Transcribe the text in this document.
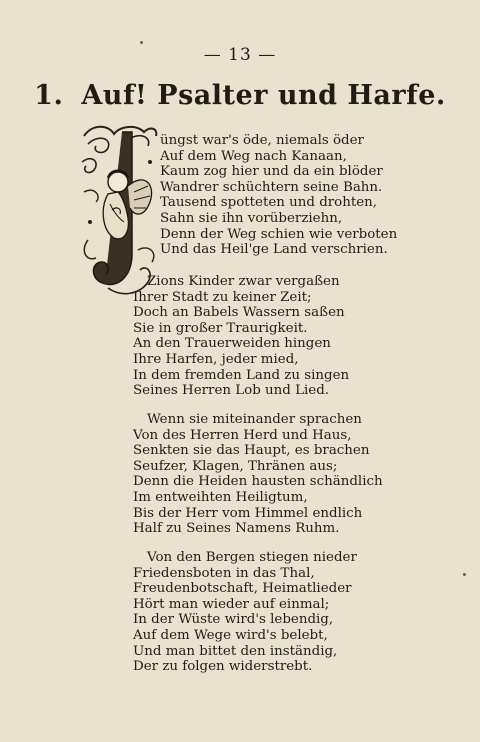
— 13 —
1. Auf! Psalter und Harfe.
üngst war's öde, niemals öder
Auf dem Weg nach Kanaan,
Kaum zog hier und da ein blöder
Wandrer schüchtern seine Bahn.
Tausend spotteten und drohten,
Sahn sie ihn vorüberziehn,
Denn der Weg schien wie verboten
Und das Heil'ge Land verschrien.
Zions Kinder zwar vergaßen
Ihrer Stadt zu keiner Zeit;
Doch an Babels Wassern saßen
Sie in großer Traurigkeit.
An den Trauerweiden hingen
Ihre Harfen, jeder mied,
In dem fremden Land zu singen
Seines Herren Lob und Lied.
Wenn sie miteinander sprachen
Von des Herren Herd und Haus,
Senkten sie das Haupt, es brachen
Seufzer, Klagen, Thränen aus;
Denn die Heiden hausten schändlich
Im entweihten Heiligtum,
Bis der Herr vom Himmel endlich
Half zu Seines Namens Ruhm.
Von den Bergen stiegen nieder
Friedensboten in das Thal,
Freudenbotschaft, Heimatlieder
Hört man wieder auf einmal;
In der Wüste wird's lebendig,
Auf dem Wege wird's belebt,
Und man bittet den inständig,
Der zu folgen widerstrebt.
